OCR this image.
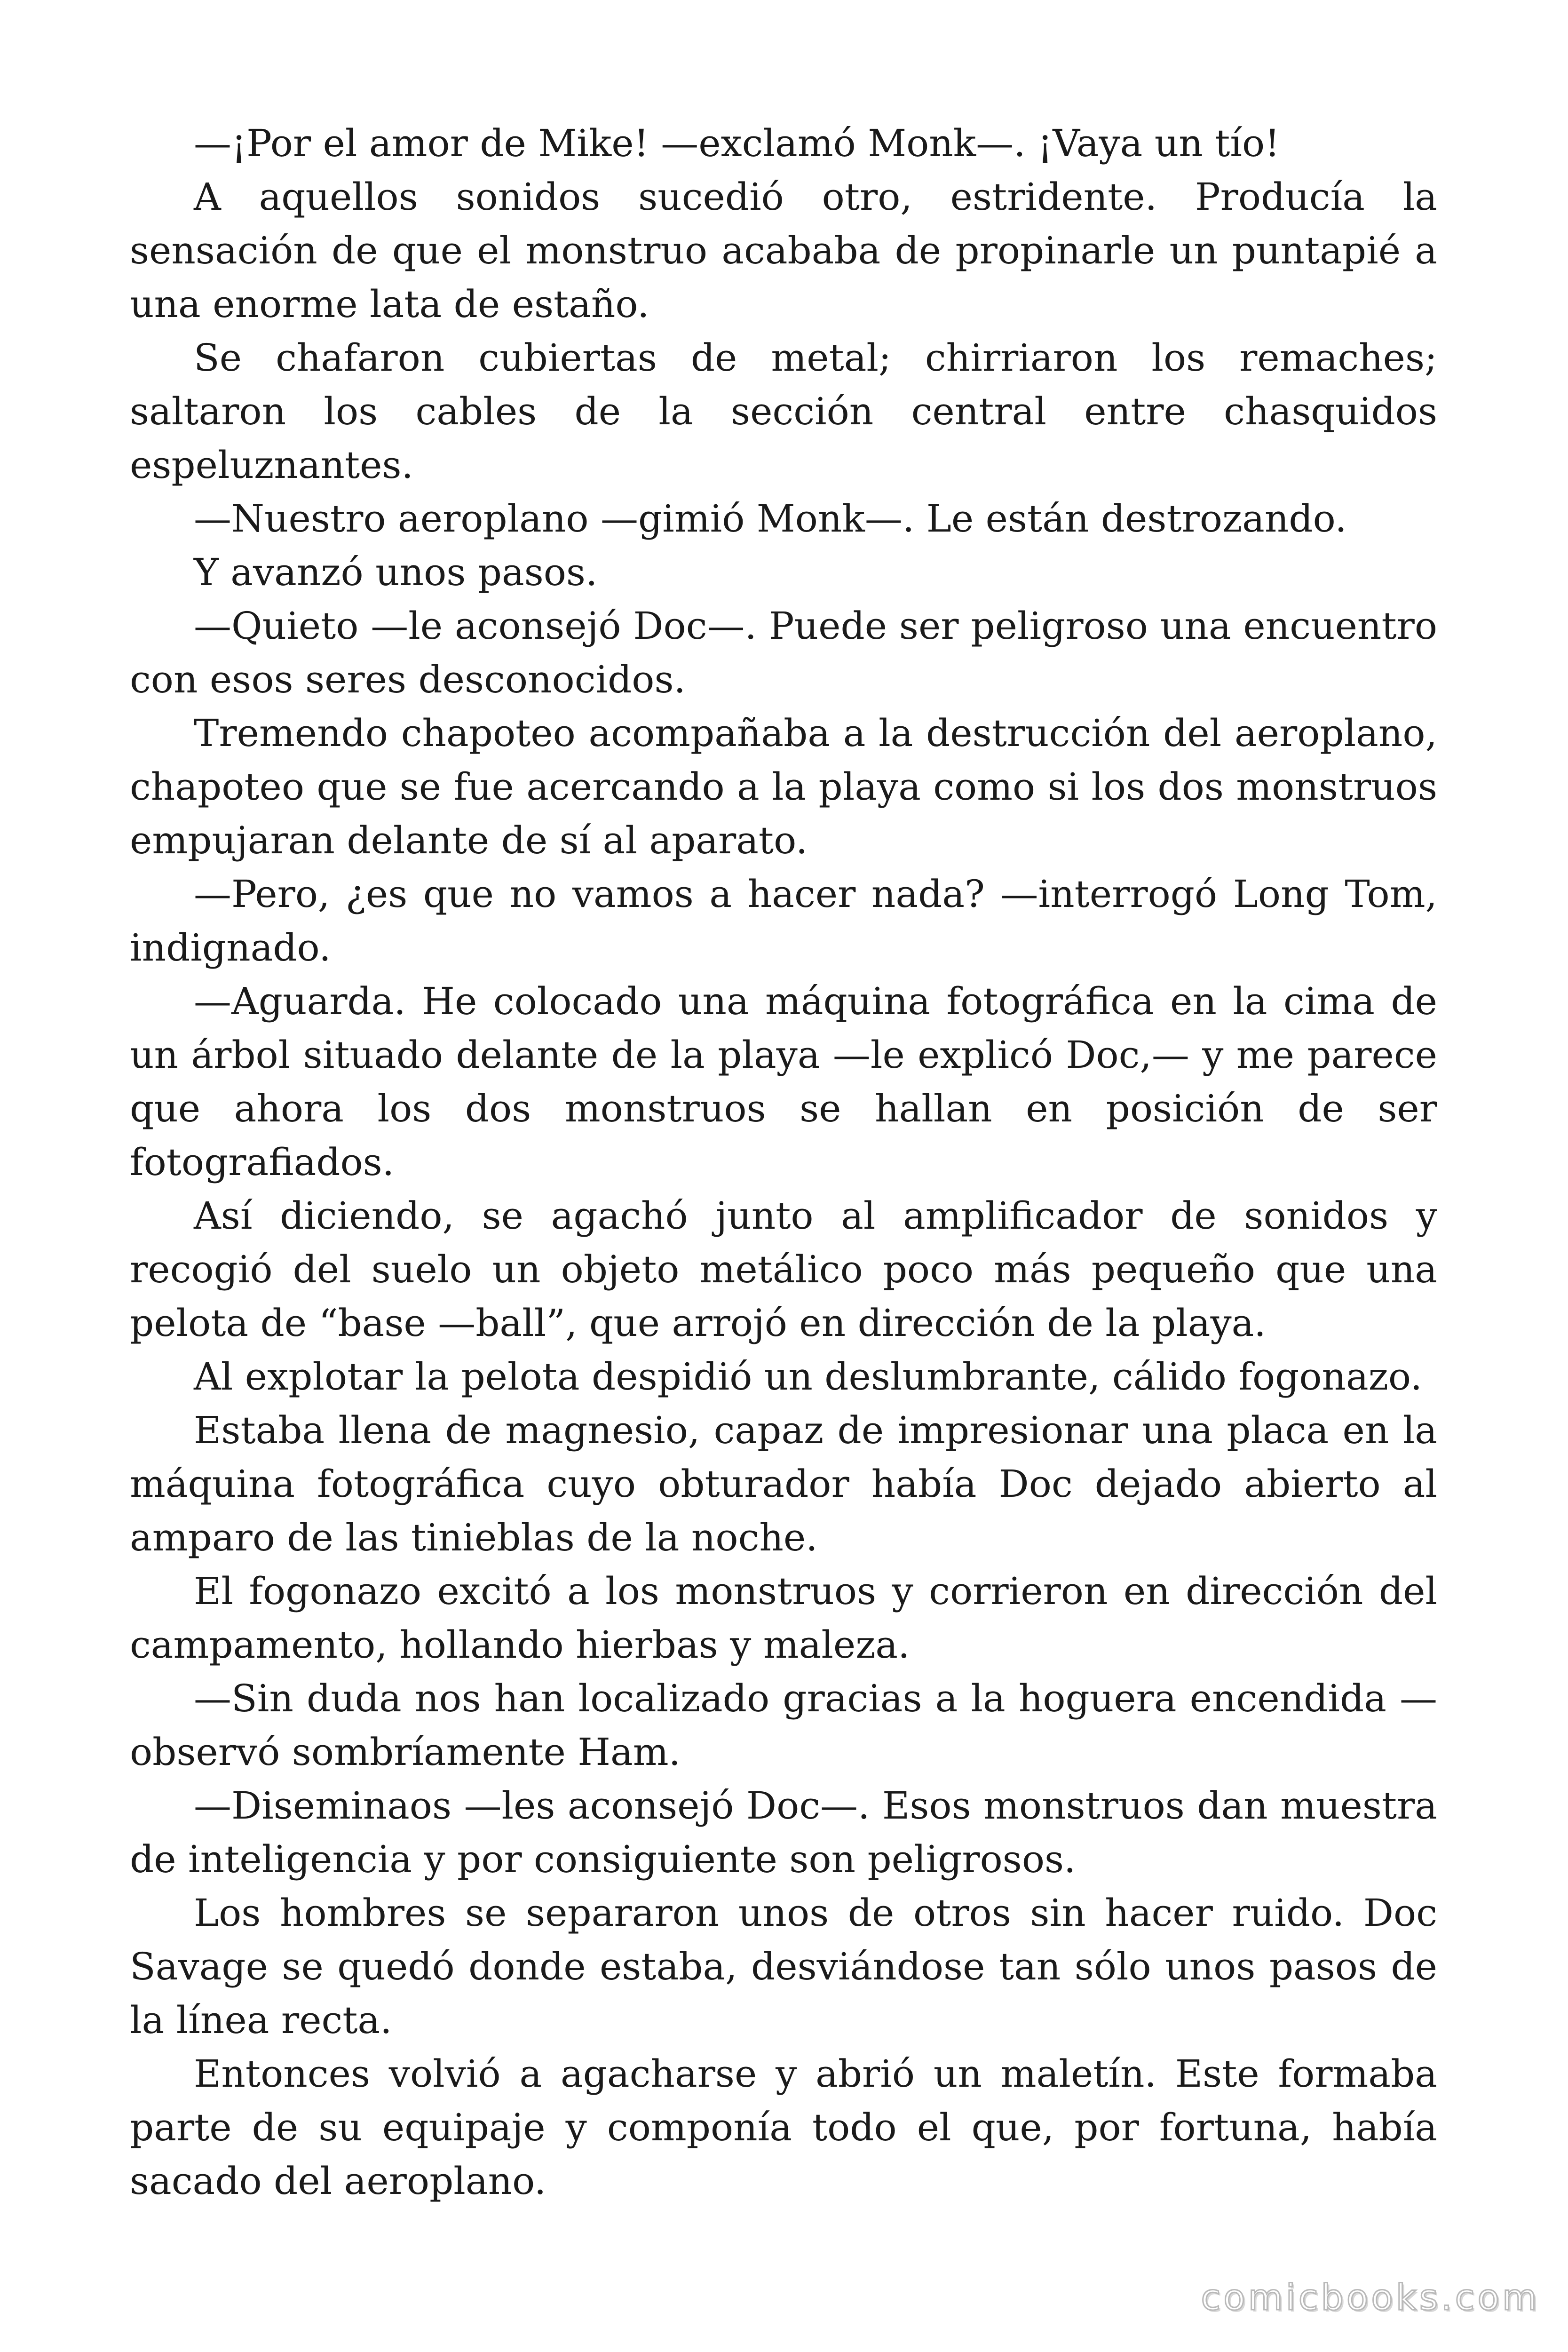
—¡Por el amor de Mike! —exclamó Monk—. ¡Vaya un tío!

A aquellos sonidos sucedió otro, estridente. Producía la sensación de que el monstruo acababa de propinarle un puntapié a una enorme lata de estaño.

Se chafaron cubiertas de metal; chirriaron los remaches; saltaron los cables de la sección central entre chasquidos espeluznantes.

—Nuestro aeroplano —gimió Monk—. Le están destrozando.

Y avanzó unos pasos.

—Quieto —le aconsejó Doc—. Puede ser peligroso una encuentro con esos seres desconocidos.

Tremendo chapoteo acompañaba a la destrucción del aeroplano, chapoteo que se fue acercando a la playa como si los dos monstruos empujaran delante de sí al aparato.

—Pero, ¿es que no vamos a hacer nada? —interrogó Long Tom, indignado.

—Aguarda. He colocado una máquina fotográfica en la cima de un árbol situado delante de la playa —le explicó Doc,— y me parece que ahora los dos monstruos se hallan en posición de ser fotografiados.

Así diciendo, se agachó junto al amplificador de sonidos y recogió del suelo un objeto metálico poco más pequeño que una pelota de “base —ball”, que arrojó en dirección de la playa.

Al explotar la pelota despidió un deslumbrante, cálido fogonazo.

Estaba llena de magnesio, capaz de impresionar una placa en la máquina fotográfica cuyo obturador había Doc dejado abierto al amparo de las tinieblas de la noche.

El fogonazo excitó a los monstruos y corrieron en dirección del campamento, hollando hierbas y maleza.

—Sin duda nos han localizado gracias a la hoguera encendida — observó sombríamente Ham.

—Diseminaos —les aconsejó Doc—. Esos monstruos dan muestra de inteligencia y por consiguiente son peligrosos.

Los hombres se separaron unos de otros sin hacer ruido. Doc Savage se quedó donde estaba, desviándose tan sólo unos pasos de la línea recta.

Entonces volvió a agacharse y abrió un maletín. Este formaba parte de su equipaje y componía todo el que, por fortuna, había sacado del aeroplano.

comicbooks.com
